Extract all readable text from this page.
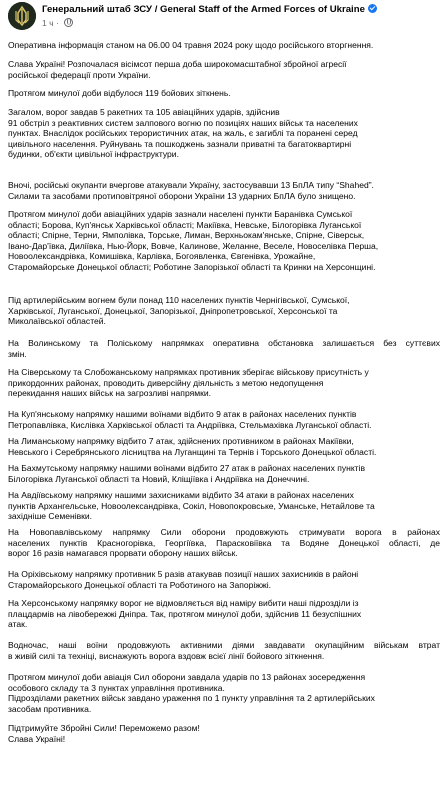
Генеральний штаб ЗСУ / General Staff of the Armed Forces of Ukraine
1 ч ·
Оперативна інформація станом на 06.00 04 травня 2024 року щодо російського вторгнення.
Слава Україні! Розпочалася вісімсот перша доба широкомасштабної збройної агресії
російської федерації проти України.
Протягом минулої доби відбулося 119 бойових зіткнень.
Загалом, ворог завдав 5 ракетних та 105 авіаційних ударів, здійснив
91 обстріл з реактивних систем залпового вогню по позиціях наших військ та населених
пунктах. Внаслідок російських терористичних атак, на жаль, є загиблі та поранені серед
цивільного населення. Руйнувань та пошкоджень зазнали приватні та багатоквартирні
будинки, об'єкти цивільної інфраструктури.
Вночі, російські окупанти вчергове атакували Україну, застосувавши 13 БпЛА типу “Shahed”.
Силами та засобами протиповітряної оборони України 13 ударних БпЛА було знищено.
Протягом минулої доби авіаційних ударів зазнали населені пункти Баранівка Сумської
області; Борова, Куп'янськ Харківської області; Макіївка, Невське, Білогорівка Луганської
області; Спірне, Терни, Ямполівка, Торське, Лиман, Верхньокам'янське, Спірне, Сіверськ,
Івано-Дар'ївка, Диліївка, Нью-Йорк, Вовче, Калинове, Желанне, Веселе, Новоселівка Перша,
Новоолександрівка, Комишівка, Карлівка, Богоявленка, Євгенівка, Урожайне,
Старомайорське Донецької області; Роботине Запорізької області та Кринки на Херсонщині.
Під артилерійським вогнем були понад 110 населених пунктів Чернігівської, Сумської,
Харківської, Луганської, Донецької, Запорізької, Дніпропетровської, Херсонської та
Миколаївської областей.
На Волинському та Поліському напрямках оперативна обстановка залишається без суттєвих
змін.
На Сіверському та Слобожанському напрямках противник зберігає військову присутність у
прикордонних районах, проводить диверсійну діяльність з метою недопущення
перекидання наших військ на загрозливі напрямки.
На Куп'янському напрямку нашими воїнами відбито 9 атак в районах населених пунктів
Петропавлівка, Кислівка Харківської області та Андріївка, Стельмахівка Луганської області.
На Лиманському напрямку відбито 7 атак, здійснених противником в районах Макіївки,
Невського і Серебрянського лісництва на Луганщині та Тернів і Торського Донецької області.
На Бахмутському напрямку нашими воїнами відбито 27 атак в районах населених пунктів
Білогорівка Луганської області та Новий, Кліщіївка і Андріївка на Донеччині.
На Авдіївському напрямку нашими захисниками відбито 34 атаки в районах населених
пунктів Архангельське, Новоолександрівка, Сокіл, Новопокровське, Уманське, Нетайлове та
західніше Семенівки.
На Новопавлівському напрямку Сили оборони продовжують стримувати ворога в районах
населених пунктів Красногорівка, Георгіївка, Парасковіївка та Водяне Донецької області, де
ворог 16 разів намагався прорвати оборону наших військ.
На Оріхівському напрямку противник 5 разів атакував позиції наших захисників в районі
Старомайорського Донецької області та Роботиного на Запоріжжі.
На Херсонському напрямку ворог не відмовляється від наміру вибити наші підрозділи із
плацдармів на лівобережжі Дніпра. Так, протягом минулої доби, здійснив 11 безуспішних
атак.
Водночас, наші воїни продовжують активними діями завдавати окупаційним військам втрат
в живій силі та техніці, виснажують ворога вздовж всієї лінії бойового зіткнення.
Протягом минулої доби авіація Сил оборони завдала ударів по 13 районах зосередження
особового складу та 3 пунктах управління противника.
Підрозділами ракетних військ завдано ураження по 1 пункту управління та 2 артилерійських
засобам противника.
Підтримуйте Збройні Сили! Переможемо разом!
Слава Україні!
